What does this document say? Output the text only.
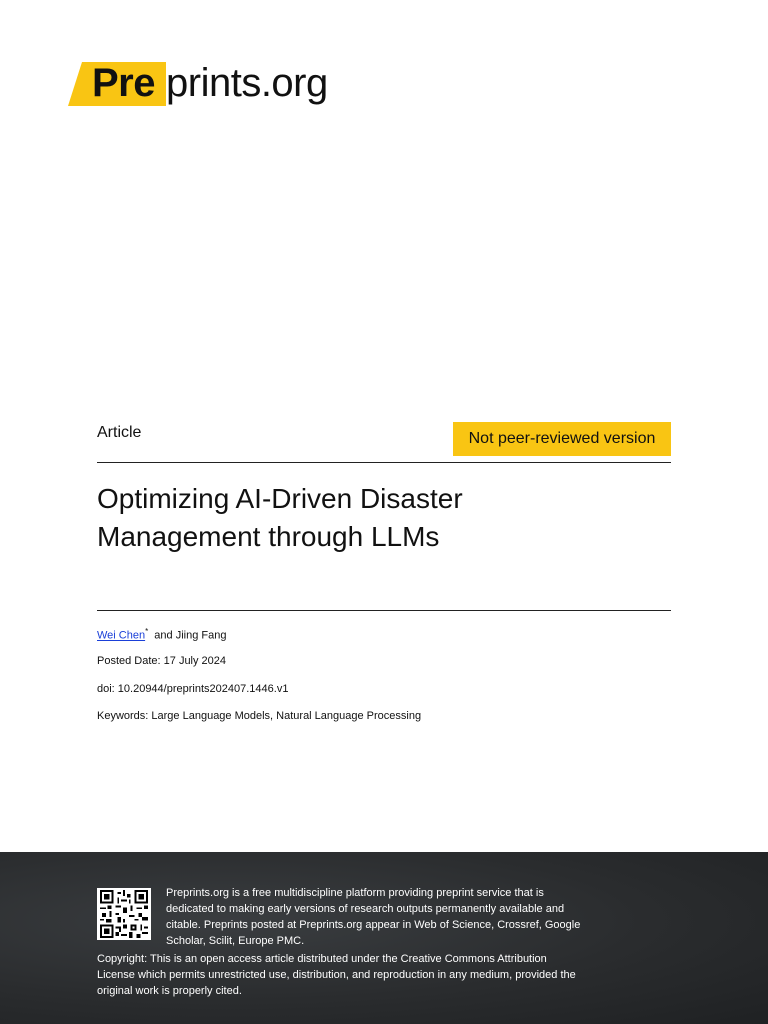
Pre prints.org
Article	Not peer-reviewed version
Optimizing AI-Driven Disaster
Management through LLMs
Wei Chen* and Jiing Fang
Posted Date: 17 July 2024
doi: 10.20944/preprints202407.1446.v1
Keywords: Large Language Models, Natural Language Processing

Preprints.org is a free multidiscipline platform providing preprint service that is dedicated to making early versions of research outputs permanently available and citable. Preprints posted at Preprints.org appear in Web of Science, Crossref, Google Scholar, Scilit, Europe PMC.

Copyright: This is an open access article distributed under the Creative Commons Attribution License which permits unrestricted use, distribution, and reproduction in any medium, provided the original work is properly cited.
